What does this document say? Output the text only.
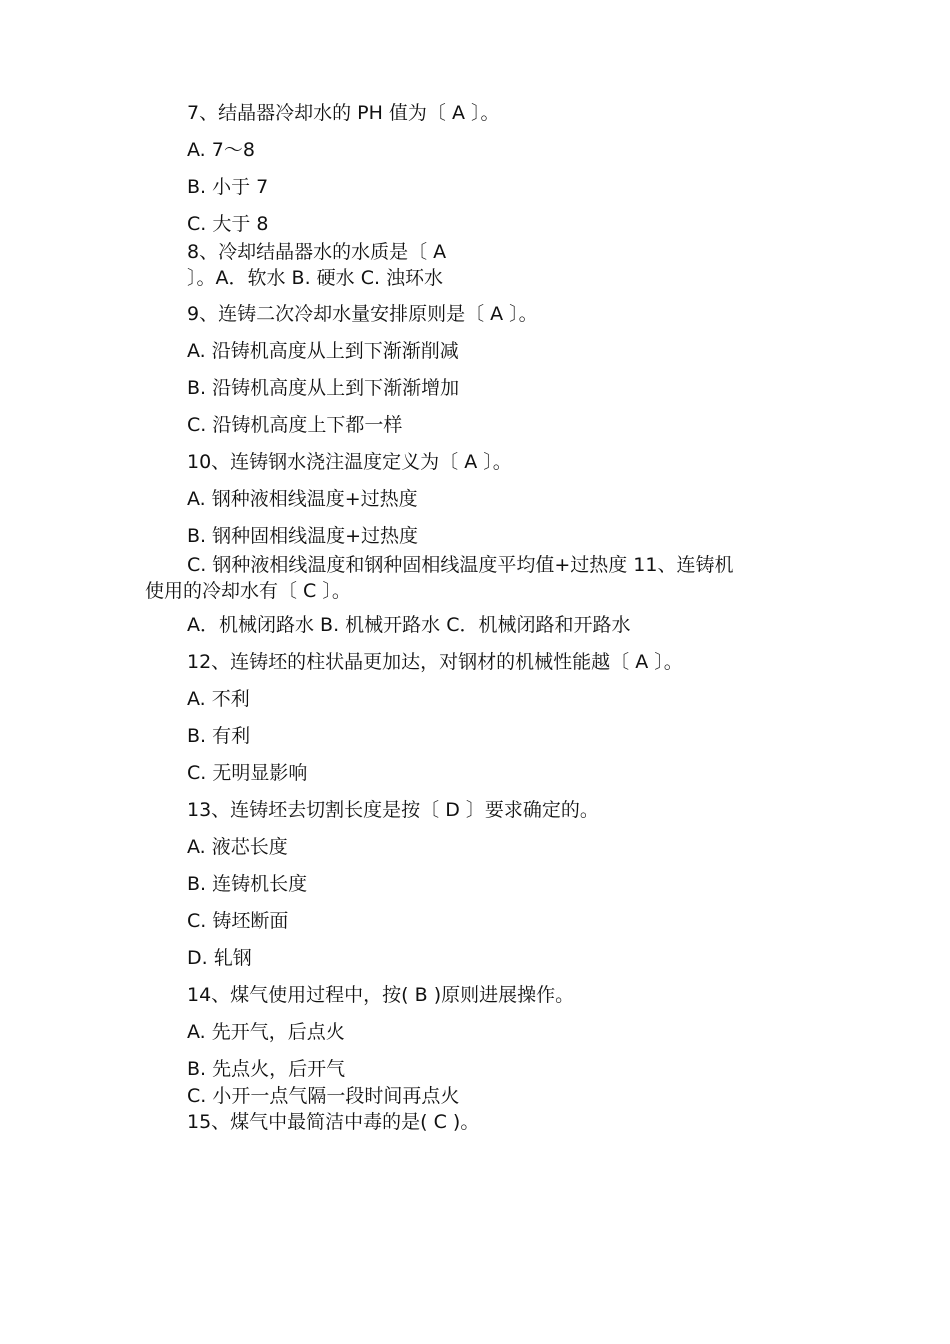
7、结晶器冷却水的 PH 值为〔 A 〕。

A. 7～8

B. 小于 7

C. 大于 8

8、冷却结晶器水的水质是〔 A

〕。A．软水 B. 硬水 C. 浊环水

9、连铸二次冷却水量安排原则是〔 A 〕。

A. 沿铸机高度从上到下渐渐削减

B. 沿铸机高度从上到下渐渐增加

C. 沿铸机高度上下都一样

10、连铸钢水浇注温度定义为〔 A 〕。

A. 钢种液相线温度+过热度

B. 钢种固相线温度+过热度

C. 钢种液相线温度和钢种固相线温度平均值+过热度 11、连铸机

使用的冷却水有〔 C 〕。

A．机械闭路水 B. 机械开路水 C．机械闭路和开路水

12、连铸坯的柱状晶更加达，对钢材的机械性能越〔 A 〕。

A. 不利

B. 有利

C. 无明显影响

13、连铸坯去切割长度是按〔 D 〕要求确定的。

A. 液芯长度

B. 连铸机长度

C. 铸坯断面

D. 轧钢

14、煤气使用过程中，按( B )原则进展操作。

A. 先开气，后点火

B. 先点火，后开气

C. 小开一点气隔一段时间再点火

15、煤气中最简洁中毒的是( C )。
